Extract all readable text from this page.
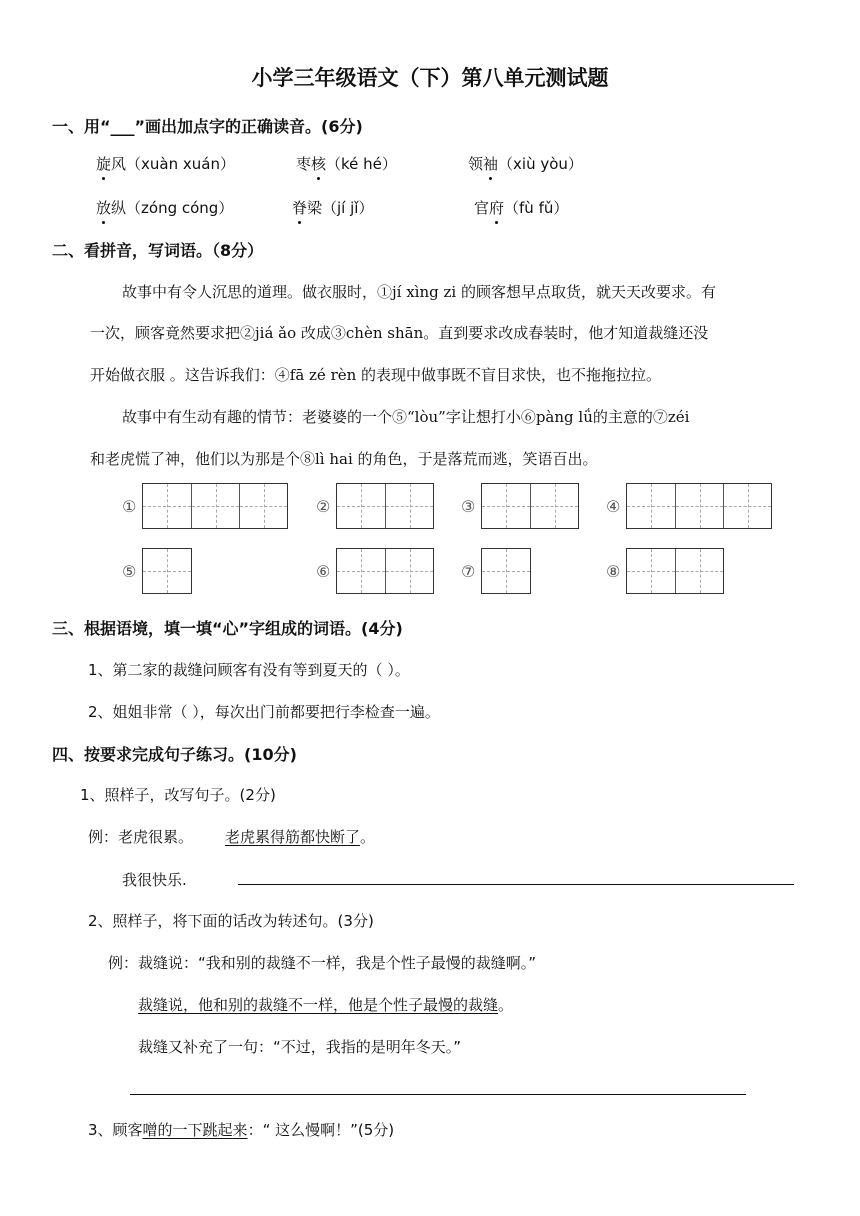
小学三年级语文（下）第八单元测试题
一、用“___”画出加点字的正确读音。(6分)
旋风（xuàn xuán）	枣核（ké hé）	领袖（xiù yòu）
放纵（zóng cóng）	脊梁（jí jǐ）	官府（fù fǔ）
二、看拼音，写词语。（8分）
故事中有令人沉思的道理。做衣服时，①jí xìng zi 的顾客想早点取货，就天天改要求。有
一次，顾客竟然要求把②jiá ǎo 改成③chèn shān。直到要求改成春装时，他才知道裁缝还没
开始做衣服 。这告诉我们：④fā zé rèn 的表现中做事既不盲目求快，也不拖拖拉拉。
故事中有生动有趣的情节：老婆婆的一个⑤“lòu”字让想打小⑥pàng lǘ的主意的⑦zéi
和老虎慌了神，他们以为那是个⑧lì hai 的角色，于是落荒而逃，笑语百出。
①	②	③	④
⑤	⑥	⑦	⑧
三、根据语境，填一填“心”字组成的词语。(4分)
1、第二家的裁缝问顾客有没有等到夏天的（ ）。
2、姐姐非常（ ），每次出门前都要把行李检查一遍。
四、按要求完成句子练习。(10分)
1、照样子，改写句子。(2分)
例：老虎很累。 老虎累得筋都快断了。
我很快乐.
2、照样子，将下面的话改为转述句。(3分)
例：裁缝说：“我和别的裁缝不一样，我是个性子最慢的裁缝啊。”
裁缝说，他和别的裁缝不一样，他是个性子最慢的裁缝。
裁缝又补充了一句：“不过，我指的是明年冬天。”
3、顾客噌的一下跳起来：“ 这么慢啊！”(5分)
